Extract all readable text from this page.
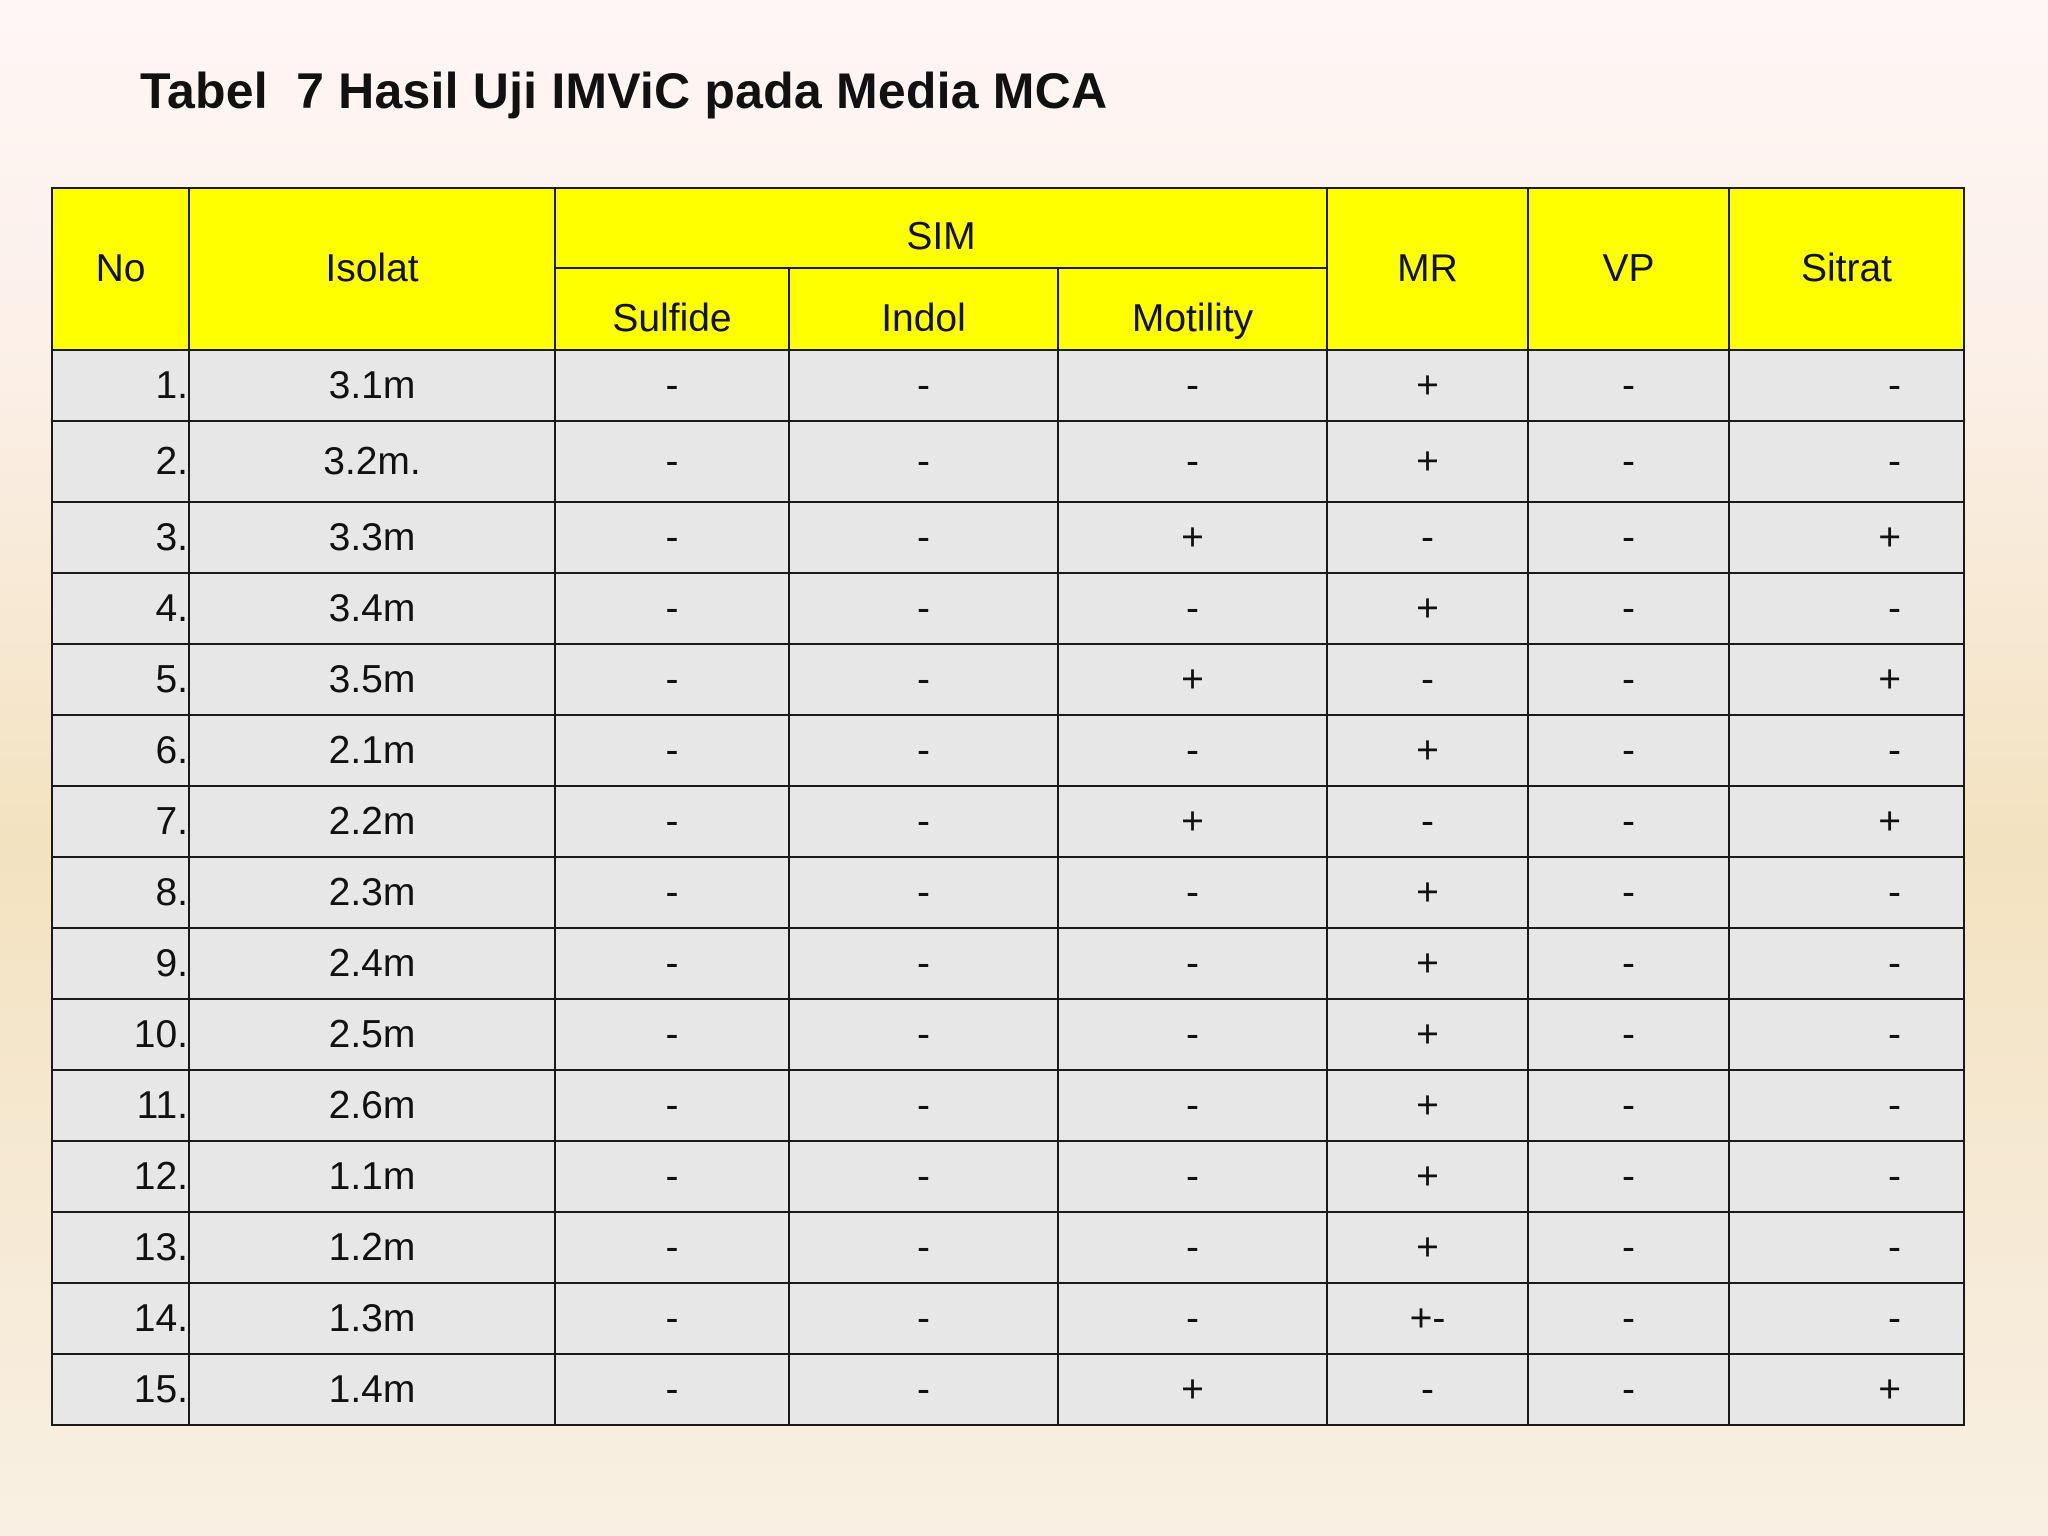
Tabel  7 Hasil Uji IMViC pada Media MCA
No	Isolat	SIM			MR	VP	Sitrat
		Sulfide	Indol	Motility			
1.	3.1m	-	-	-	+	-	-
2.	3.2m.	-	-	-	+	-	-
3.	3.3m	-	-	+	-	-	+
4.	3.4m	-	-	-	+	-	-
5.	3.5m	-	-	+	-	-	+
6.	2.1m	-	-	-	+	-	-
7.	2.2m	-	-	+	-	-	+
8.	2.3m	-	-	-	+	-	-
9.	2.4m	-	-	-	+	-	-
10.	2.5m	-	-	-	+	-	-
11.	2.6m	-	-	-	+	-	-
12.	1.1m	-	-	-	+	-	-
13.	1.2m	-	-	-	+	-	-
14.	1.3m	-	-	-	+-	-	-
15.	1.4m	-	-	+	-	-	+
